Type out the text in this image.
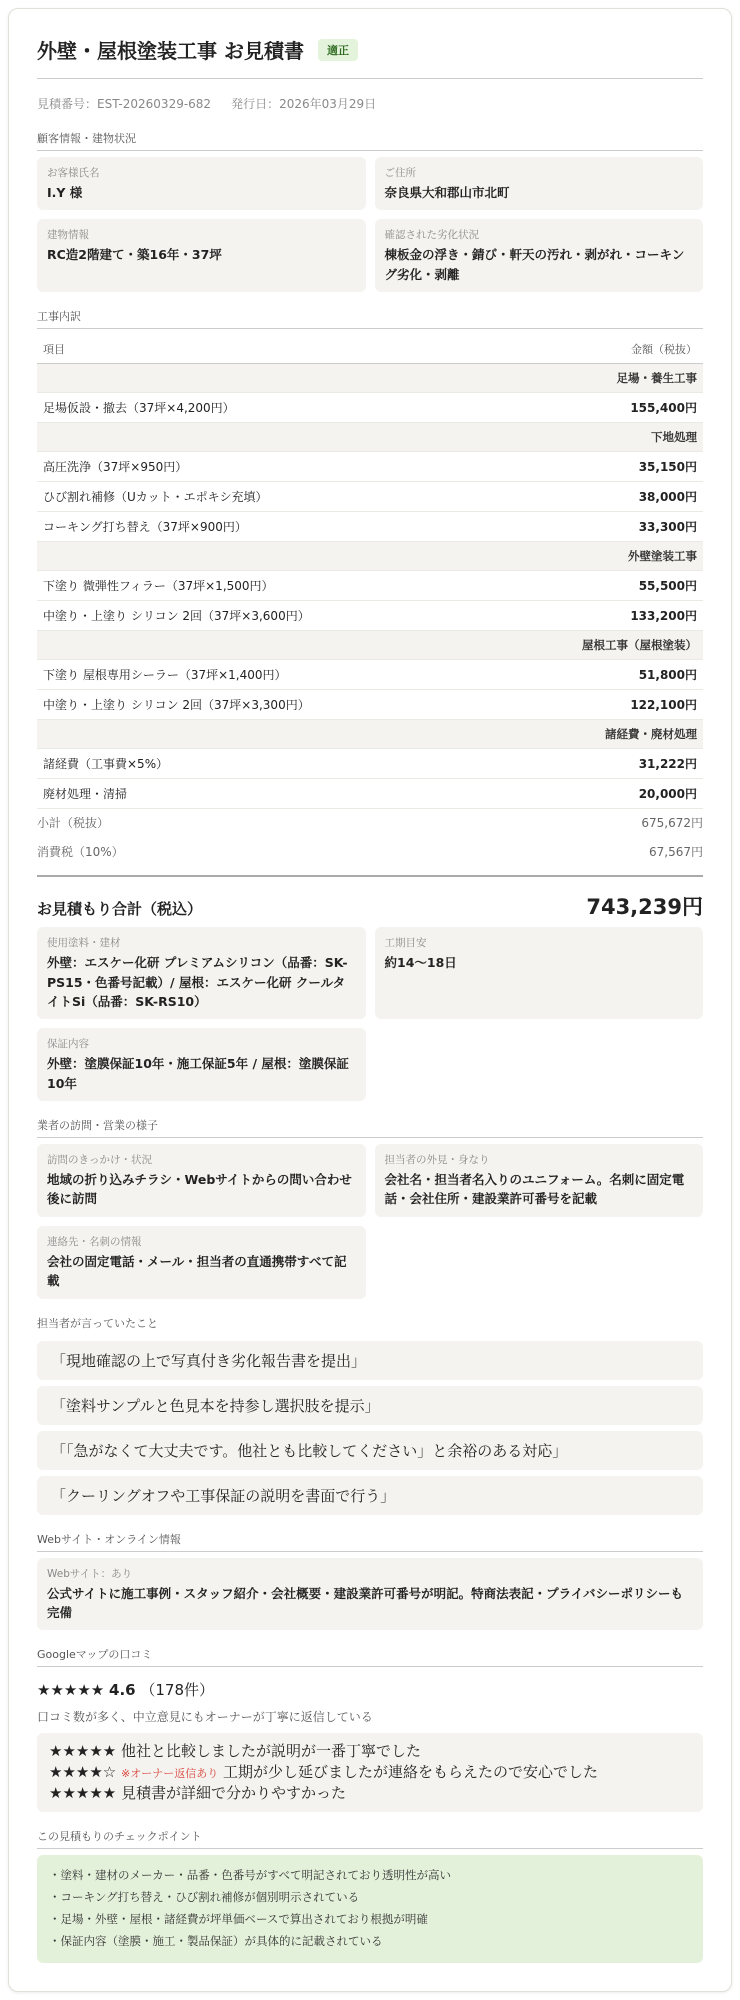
外壁・屋根塗装工事 お見積書	適正
見積番号：EST-20260329-682 発行日：2026年03月29日
顧客情報・建物状況
お客様氏名
I.Y 様
ご住所
奈良県大和郡山市北町
建物情報
RC造2階建て・築16年・37坪
確認された劣化状況
棟板金の浮き・錆び・軒天の汚れ・剥がれ・コーキング劣化・剥離
工事内訳
項目	金額（税抜）
足場・養生工事	
足場仮設・撤去（37坪×4,200円）	155,400円
下地処理	
高圧洗浄（37坪×950円）	35,150円
ひび割れ補修（Uカット・エポキシ充填）	38,000円
コーキング打ち替え（37坪×900円）	33,300円
外壁塗装工事	
下塗り 微弾性フィラー（37坪×1,500円）	55,500円
中塗り・上塗り シリコン 2回（37坪×3,600円）	133,200円
屋根工事（屋根塗装）	
下塗り 屋根専用シーラー（37坪×1,400円）	51,800円
中塗り・上塗り シリコン 2回（37坪×3,300円）	122,100円
諸経費・廃材処理	
諸経費（工事費×5%）	31,222円
廃材処理・清掃	20,000円
小計（税抜）	675,672円
消費税（10%）	67,567円
お見積もり合計（税込）	743,239円
使用塗料・建材
外壁：エスケー化研 プレミアムシリコン（品番：SK-PS15・色番号記載）/ 屋根：エスケー化研 クールタイトSi（品番：SK-RS10）
工期目安
約14〜18日
保証内容
外壁：塗膜保証10年・施工保証5年 / 屋根：塗膜保証10年
業者の訪問・営業の様子
訪問のきっかけ・状況
地域の折り込みチラシ・Webサイトからの問い合わせ後に訪問
担当者の外見・身なり
会社名・担当者名入りのユニフォーム。名刺に固定電話・会社住所・建設業許可番号を記載
連絡先・名刺の情報
会社の固定電話・メール・担当者の直通携帯すべて記載
担当者が言っていたこと
「現地確認の上で写真付き劣化報告書を提出」
「塗料サンプルと色見本を持参し選択肢を提示」
「「急がなくて大丈夫です。他社とも比較してください」と余裕のある対応」
「クーリングオフや工事保証の説明を書面で行う」
Webサイト・オンライン情報
Webサイト：あり
公式サイトに施工事例・スタッフ紹介・会社概要・建設業許可番号が明記。特商法表記・プライバシーポリシーも完備
Googleマップの口コミ
★★★★★ 4.6 （178件）
口コミ数が多く、中立意見にもオーナーが丁寧に返信している
★★★★★ 他社と比較しましたが説明が一番丁寧でした
★★★★☆ ※オーナー返信あり 工期が少し延びましたが連絡をもらえたので安心でした
★★★★★ 見積書が詳細で分かりやすかった
この見積もりのチェックポイント
・塗料・建材のメーカー・品番・色番号がすべて明記されており透明性が高い
・コーキング打ち替え・ひび割れ補修が個別明示されている
・足場・外壁・屋根・諸経費が坪単価ベースで算出されており根拠が明確
・保証内容（塗膜・施工・製品保証）が具体的に記載されている
